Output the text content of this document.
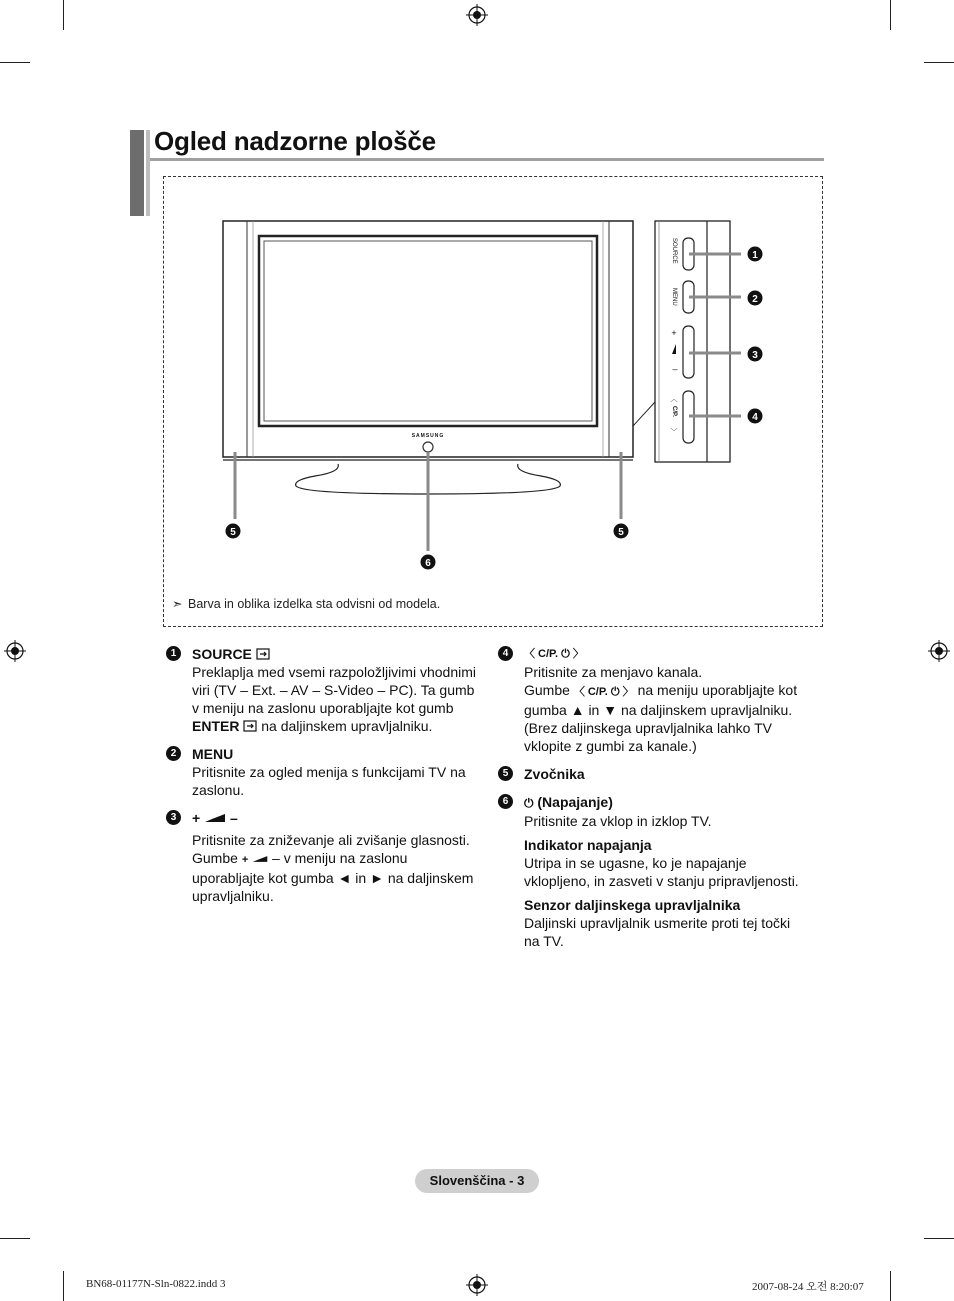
Ogled nadzorne plošče
SAMSUNG
5	5
6
SOURCE
MENU
+
–
C/P.
︿
﹀
1
2
3
4
➣ Barva in oblika izdelka sta odvisni od modela.
1	SOURCE
Preklaplja med vsemi razpoložljivimi vhodnimi
viri (TV – Ext. – AV – S-Video – PC). Ta gumb
v meniju na zaslonu uporabljajte kot gumb
ENTER na daljinskem upravljalniku.
2	MENU
Pritisnite za ogled menija s funkcijami TV na
zaslonu.
3	+ –
Pritisnite za zniževanje ali zvišanje glasnosti.
Gumbe + – v meniju na zaslonu
uporabljajte kot gumba ◄ in ► na daljinskem
upravljalniku.
4	〈 C/P. ⏻ 〉
Pritisnite za menjavo kanala.
Gumbe 〈 C/P. ⏻ 〉 na meniju uporabljajte kot
gumba ▲ in ▼ na daljinskem upravljalniku.
(Brez daljinskega upravljalnika lahko TV
vklopite z gumbi za kanale.)
5	Zvočnika
6	⏻ (Napajanje)
Pritisnite za vklop in izklop TV.
Indikator napajanja
Utripa in se ugasne, ko je napajanje
vklopljeno, in zasveti v stanju pripravljenosti.
Senzor daljinskega upravljalnika
Daljinski upravljalnik usmerite proti tej točki
na TV.
Slovenščina - 3
BN68-01177N-Sln-0822.indd 3	2007-08-24 오전 8:20:07
